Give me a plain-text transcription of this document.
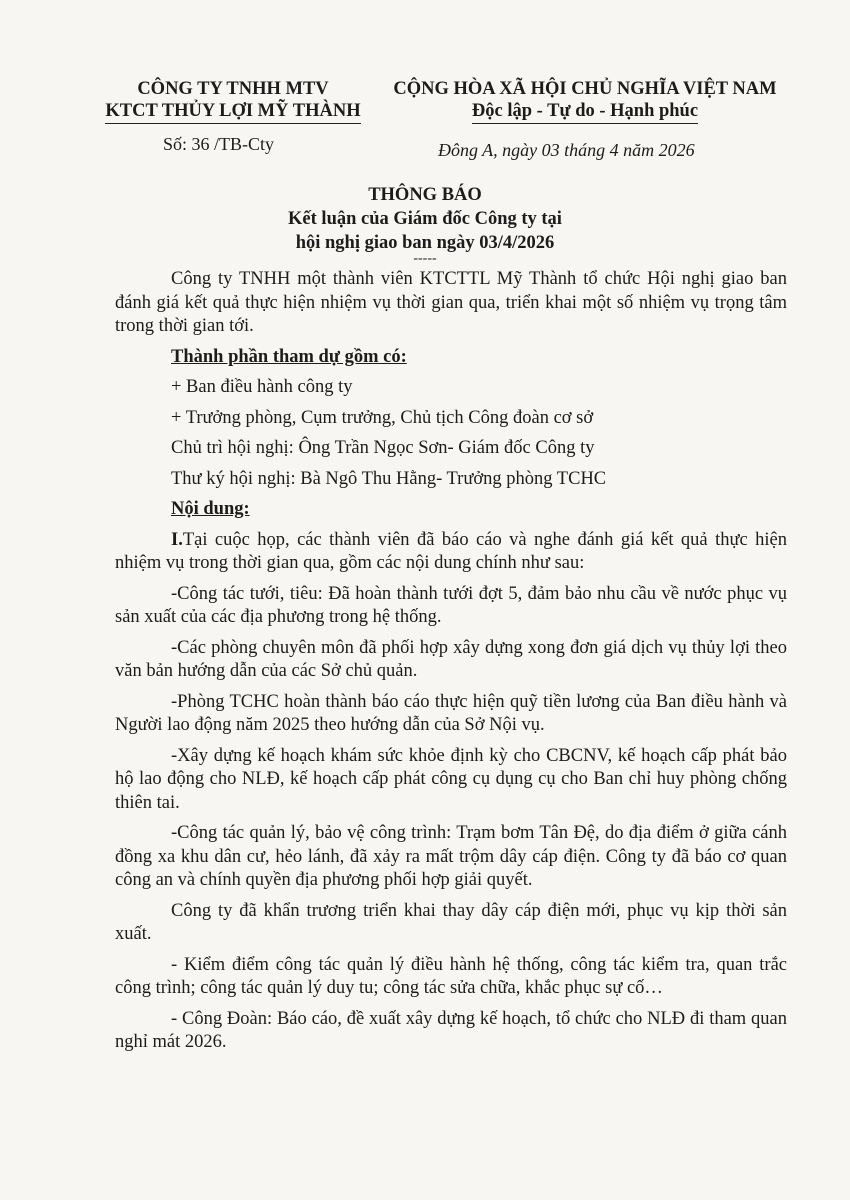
CÔNG TY TNHH MTV
KTCT THỦY LỢI MỸ THÀNH
Số: 36 /TB-Cty
CỘNG HÒA XÃ HỘI CHỦ NGHĨA VIỆT NAM
Độc lập - Tự do - Hạnh phúc
Đông A, ngày 03 tháng 4 năm 2026
THÔNG BÁO
Kết luận của Giám đốc Công ty tại
hội nghị giao ban ngày 03/4/2026
-----

Công ty TNHH một thành viên KTCTTL Mỹ Thành tổ chức Hội nghị giao ban đánh giá kết quả thực hiện nhiệm vụ thời gian qua, triển khai một số nhiệm vụ trọng tâm trong thời gian tới.

Thành phần tham dự gồm có:

+ Ban điều hành công ty

+ Trưởng phòng, Cụm trưởng, Chủ tịch Công đoàn cơ sở

Chủ trì hội nghị: Ông Trần Ngọc Sơn- Giám đốc Công ty

Thư ký hội nghị: Bà Ngô Thu Hằng- Trưởng phòng TCHC

Nội dung:

I.Tại cuộc họp, các thành viên đã báo cáo và nghe đánh giá kết quả thực hiện nhiệm vụ trong thời gian qua, gồm các nội dung chính như sau:

-Công tác tưới, tiêu: Đã hoàn thành tưới đợt 5, đảm bảo nhu cầu về nước phục vụ sản xuất của các địa phương trong hệ thống.

-Các phòng chuyên môn đã phối hợp xây dựng xong đơn giá dịch vụ thủy lợi theo văn bản hướng dẫn của các Sở chủ quản.

-Phòng TCHC hoàn thành báo cáo thực hiện quỹ tiền lương của Ban điều hành và Người lao động năm 2025 theo hướng dẫn của Sở Nội vụ.

-Xây dựng kế hoạch khám sức khỏe định kỳ cho CBCNV, kế hoạch cấp phát bảo hộ lao động cho NLĐ, kế hoạch cấp phát công cụ dụng cụ cho Ban chỉ huy phòng chống thiên tai.

-Công tác quản lý, bảo vệ công trình: Trạm bơm Tân Đệ, do địa điểm ở giữa cánh đồng xa khu dân cư, hẻo lánh, đã xảy ra mất trộm dây cáp điện. Công ty đã báo cơ quan công an và chính quyền địa phương phối hợp giải quyết.

Công ty đã khẩn trương triển khai thay dây cáp điện mới, phục vụ kịp thời sản xuất.

- Kiểm điểm công tác quản lý điều hành hệ thống, công tác kiểm tra, quan trắc công trình; công tác quản lý duy tu; công tác sửa chữa, khắc phục sự cố…

- Công Đoàn: Báo cáo, đề xuất xây dựng kế hoạch, tổ chức cho NLĐ đi tham quan nghỉ mát 2026.
